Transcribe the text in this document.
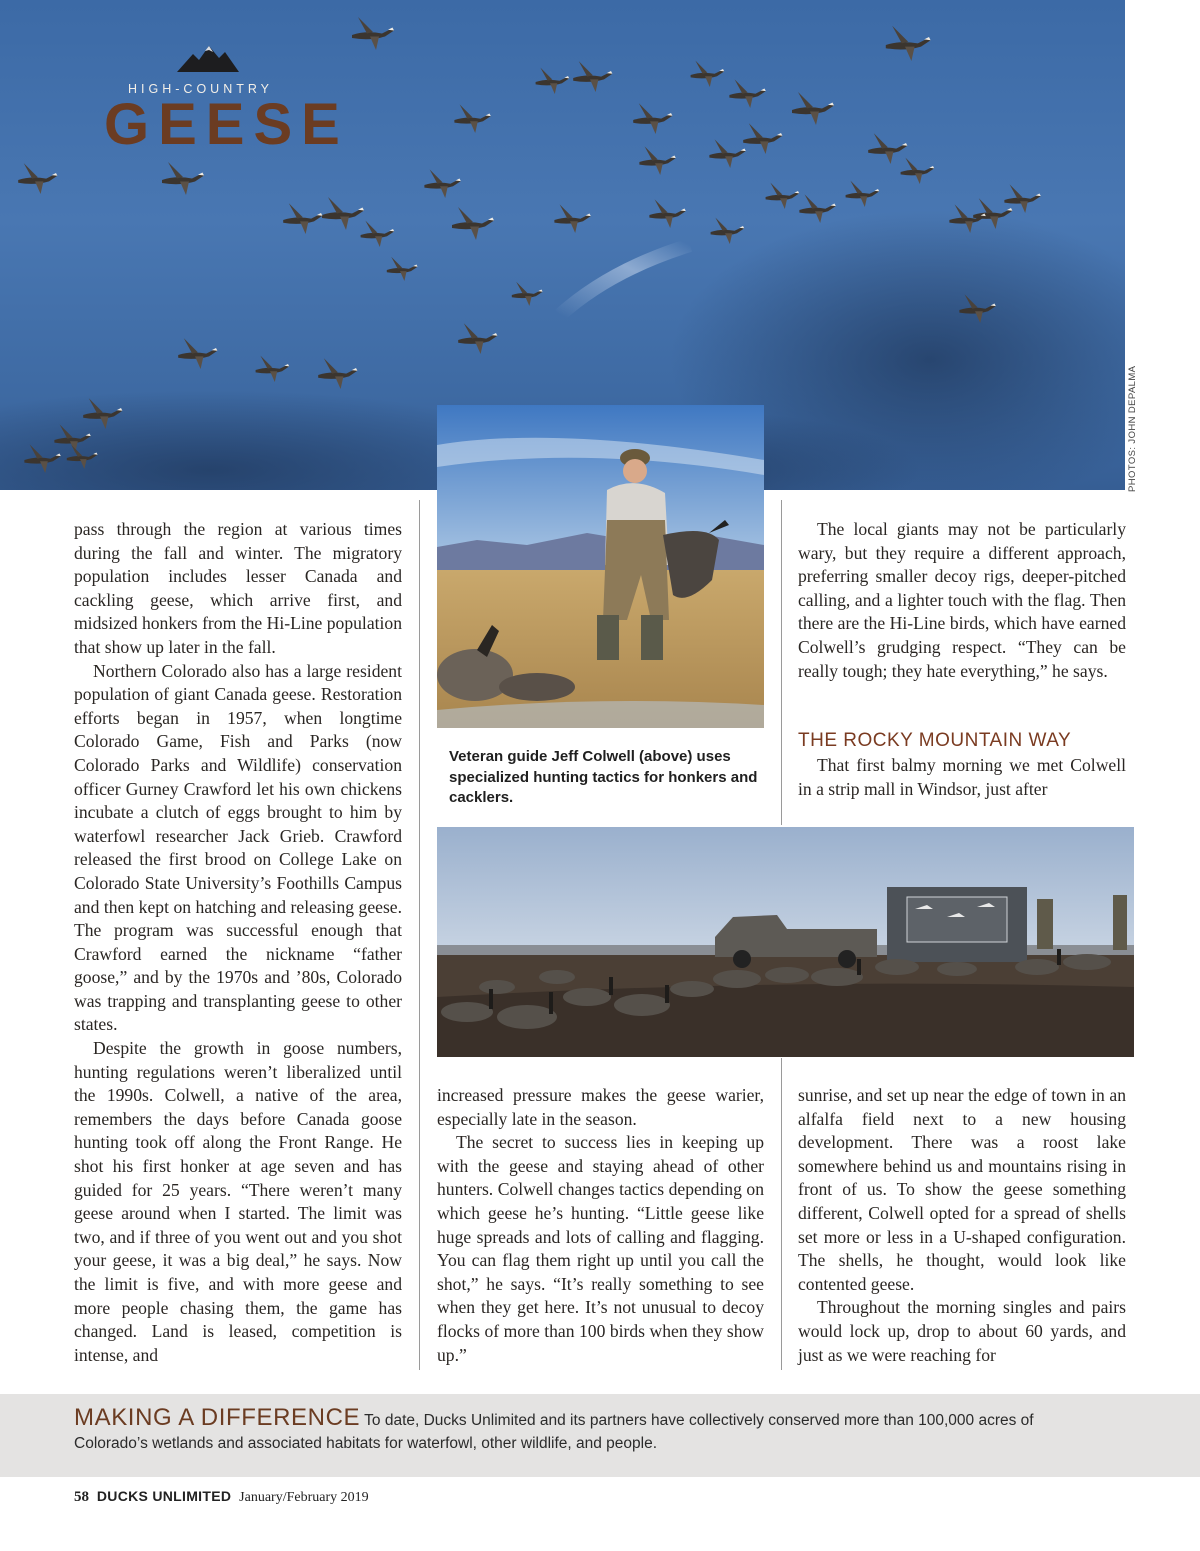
HIGH-COUNTRY
GEESE
PHOTOS: JOHN DEPALMA
Veteran guide Jeff Colwell (above) uses specialized hunting tactics for honkers and cacklers.

pass through the region at various times during the fall and winter. The migratory population includes lesser Canada and cackling geese, which arrive first, and midsized honkers from the Hi-Line population that show up later in the fall.

Northern Colorado also has a large resident population of giant Canada geese. Restoration efforts began in 1957, when longtime Colorado Game, Fish and Parks (now Colorado Parks and Wildlife) conservation officer Gurney Crawford let his own chickens incubate a clutch of eggs brought to him by waterfowl researcher Jack Grieb. Crawford released the first brood on College Lake on Colorado State University’s Foothills Campus and then kept on hatching and releasing geese. The program was successful enough that Crawford earned the nickname “father goose,” and by the 1970s and ’80s, Colorado was trapping and transplanting geese to other states.

Despite the growth in goose numbers, hunting regulations weren’t liberalized until the 1990s. Colwell, a native of the area, remembers the days before Canada goose hunting took off along the Front Range. He shot his first honker at age seven and has guided for 25 years. “There weren’t many geese around when I started. The limit was two, and if three of you went out and you shot your geese, it was a big deal,” he says. Now the limit is five, and with more geese and more people chasing them, the game has changed. Land is leased, competition is intense, and

increased pressure makes the geese warier, especially late in the season.

The secret to success lies in keeping up with the geese and staying ahead of other hunters. Colwell changes tactics depending on which geese he’s hunting. “Little geese like huge spreads and lots of calling and flagging. You can flag them right up until you call the shot,” he says. “It’s really something to see when they get here. It’s not unusual to decoy flocks of more than 100 birds when they show up.”

The local giants may not be particularly wary, but they require a different approach, preferring smaller decoy rigs, deeper-pitched calling, and a lighter touch with the flag. Then there are the Hi-Line birds, which have earned Colwell’s grudging respect. “They can be really tough; they hate everything,” he says.

THE ROCKY MOUNTAIN WAY

That first balmy morning we met Colwell in a strip mall in Windsor, just after

sunrise, and set up near the edge of town in an alfalfa field next to a new housing development. There was a roost lake somewhere behind us and mountains rising in front of us. To show the geese something different, Colwell opted for a spread of shells set more or less in a U-shaped configuration. The shells, he thought, would look like contented geese.

Throughout the morning singles and pairs would lock up, drop to about 60 yards, and just as we were reaching for

MAKING A DIFFERENCE To date, Ducks Unlimited and its partners have collectively conserved more than 100,000 acres of Colorado’s wetlands and associated habitats for waterfowl, other wildlife, and people.
58 DUCKS UNLIMITED January/February 2019
